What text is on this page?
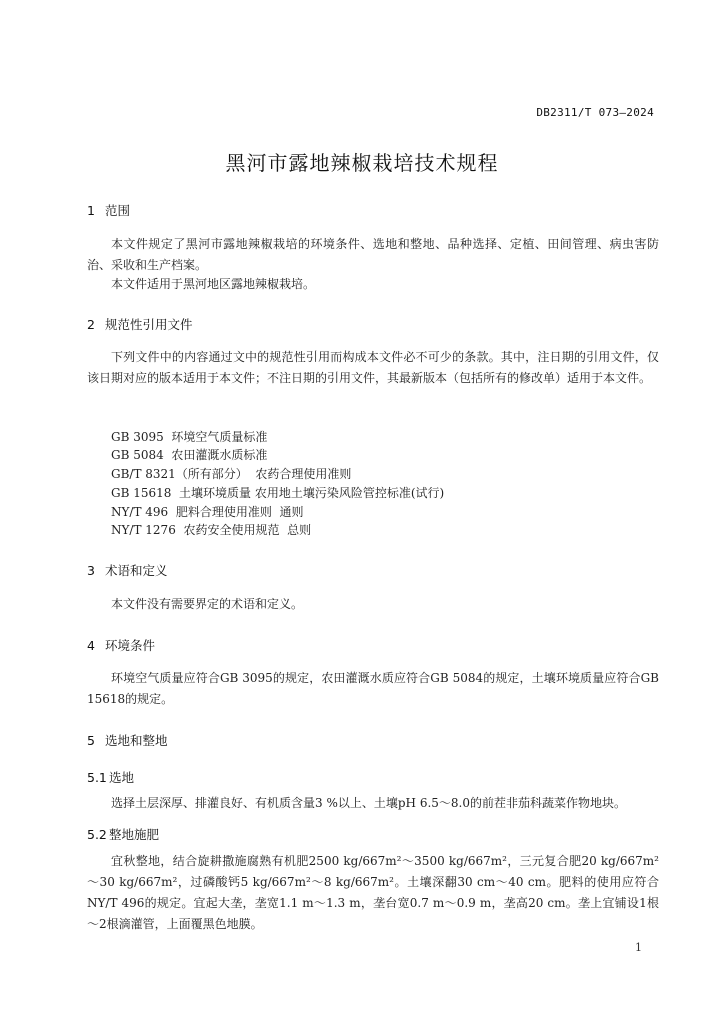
DB2311/T 073—2024
黑河市露地辣椒栽培技术规程
1 范围

本文件规定了黑河市露地辣椒栽培的环境条件、选地和整地、品种选择、定植、田间管理、病虫害防治、采收和生产档案。

本文件适用于黑河地区露地辣椒栽培。

2 规范性引用文件

下列文件中的内容通过文中的规范性引用而构成本文件必不可少的条款。其中，注日期的引用文件，仅该日期对应的版本适用于本文件；不注日期的引用文件，其最新版本（包括所有的修改单）适用于本文件。

GB 3095  环境空气质量标准
GB 5084  农田灌溉水质标准
GB/T 8321（所有部分）  农药合理使用准则
GB 15618  土壤环境质量 农用地土壤污染风险管控标准(试行)
NY/T 496  肥料合理使用准则  通则
NY/T 1276  农药安全使用规范  总则
3 术语和定义

本文件没有需要界定的术语和定义。

4 环境条件

环境空气质量应符合GB 3095的规定，农田灌溉水质应符合GB 5084的规定，土壤环境质量应符合GB 15618的规定。

5 选地和整地
5.1 选地

选择土层深厚、排灌良好、有机质含量3 %以上、土壤pH 6.5～8.0的前茬非茄科蔬菜作物地块。

5.2 整地施肥

宜秋整地，结合旋耕撒施腐熟有机肥2500 kg/667m²～3500 kg/667m²，三元复合肥20 kg/667m²～30 kg/667m²，过磷酸钙5 kg/667m²～8 kg/667m²。土壤深翻30 cm～40 cm。肥料的使用应符合NY/T 496的规定。宜起大垄，垄宽1.1 m～1.3 m，垄台宽0.7 m～0.9 m，垄高20 cm。垄上宜铺设1根～2根滴灌管，上面覆黑色地膜。

1
